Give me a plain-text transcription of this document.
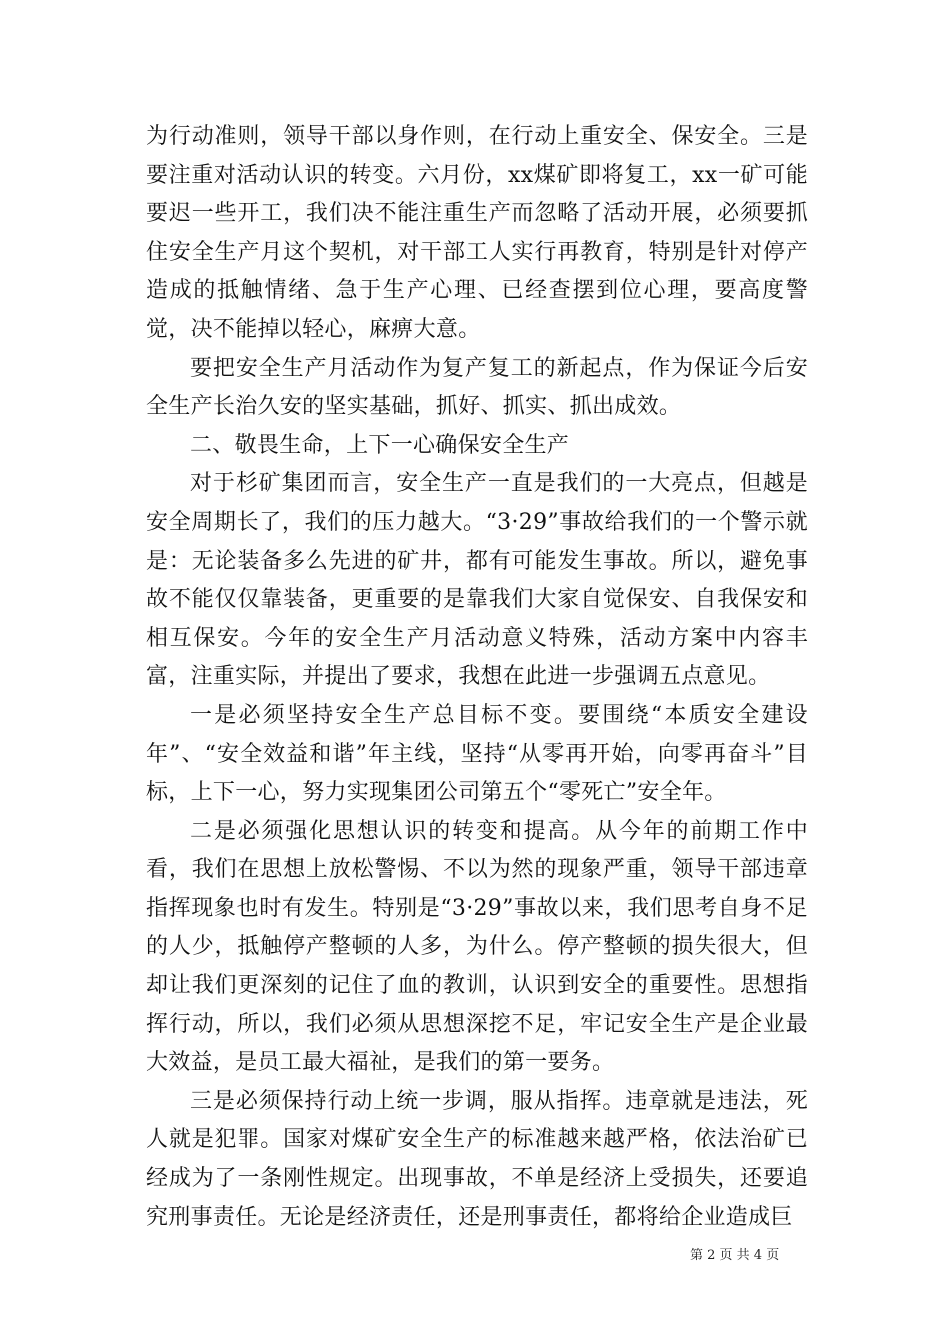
为行动准则，领导干部以身作则，在行动上重安全、保安全。三是要注重对活动认识的转变。六月份，xx煤矿即将复工，xx一矿可能要迟一些开工，我们决不能注重生产而忽略了活动开展，必须要抓住安全生产月这个契机，对干部工人实行再教育，特别是针对停产造成的抵触情绪、急于生产心理、已经查摆到位心理，要高度警觉，决不能掉以轻心，麻痹大意。

要把安全生产月活动作为复产复工的新起点，作为保证今后安全生产长治久安的坚实基础，抓好、抓实、抓出成效。

二、敬畏生命，上下一心确保安全生产

对于杉矿集团而言，安全生产一直是我们的一大亮点，但越是安全周期长了，我们的压力越大。“3·29”事故给我们的一个警示就是：无论装备多么先进的矿井，都有可能发生事故。所以，避免事故不能仅仅靠装备，更重要的是靠我们大家自觉保安、自我保安和相互保安。今年的安全生产月活动意义特殊，活动方案中内容丰富，注重实际，并提出了要求，我想在此进一步强调五点意见。

一是必须坚持安全生产总目标不变。要围绕“本质安全建设年”、“安全效益和谐”年主线，坚持“从零再开始，向零再奋斗”目标，上下一心，努力实现集团公司第五个“零死亡”安全年。

二是必须强化思想认识的转变和提高。从今年的前期工作中看，我们在思想上放松警惕、不以为然的现象严重，领导干部违章指挥现象也时有发生。特别是“3·29”事故以来，我们思考自身不足的人少，抵触停产整顿的人多，为什么。停产整顿的损失很大，但却让我们更深刻的记住了血的教训，认识到安全的重要性。思想指挥行动，所以，我们必须从思想深挖不足，牢记安全生产是企业最大效益，是员工最大福祉，是我们的第一要务。

三是必须保持行动上统一步调，服从指挥。违章就是违法，死人就是犯罪。国家对煤矿安全生产的标准越来越严格，依法治矿已经成为了一条刚性规定。出现事故，不单是经济上受损失，还要追究刑事责任。无论是经济责任，还是刑事责任，都将给企业造成巨

第 2 页 共 4 页
